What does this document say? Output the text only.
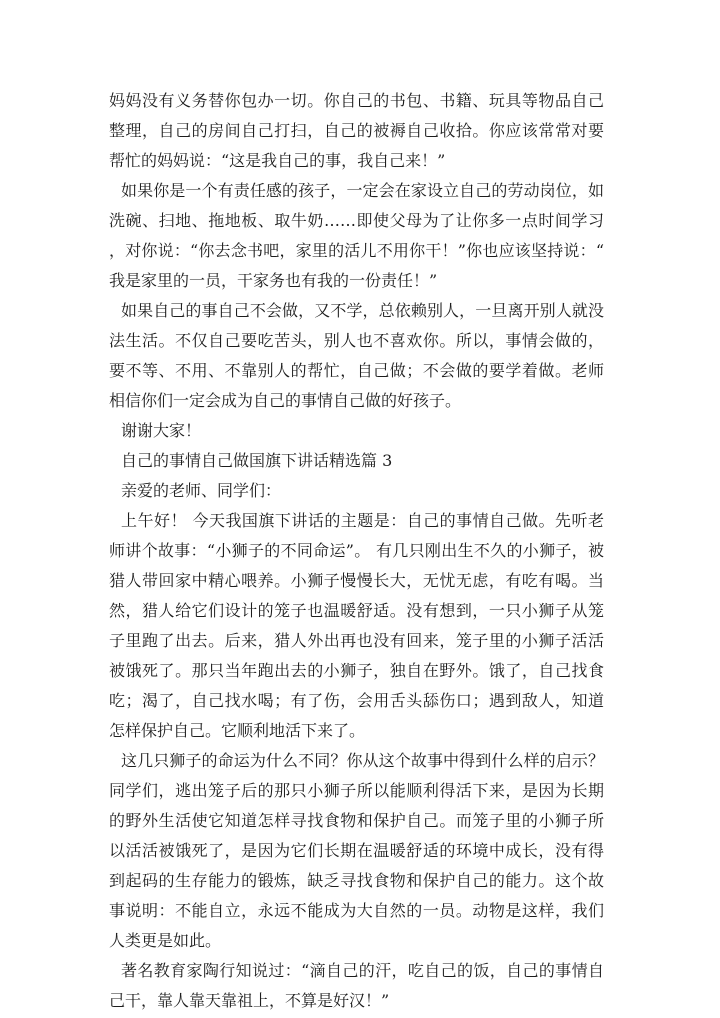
妈妈没有义务替你包办一切。你自己的书包、书籍、玩具等物品自己整理，自己的房间自己打扫，自己的被褥自己收拾。你应该常常对要帮忙的妈妈说：“这是我自己的事，我自己来！”

如果你是一个有责任感的孩子，一定会在家设立自己的劳动岗位，如洗碗、扫地、拖地板、取牛奶……即使父母为了让你多一点时间学习，对你说：“你去念书吧，家里的活儿不用你干！”你也应该坚持说：“我是家里的一员，干家务也有我的一份责任！”

如果自己的事自己不会做，又不学，总依赖别人，一旦离开别人就没法生活。不仅自己要吃苦头，别人也不喜欢你。所以，事情会做的，要不等、不用、不靠别人的帮忙，自己做；不会做的要学着做。老师相信你们一定会成为自己的事情自己做的好孩子。

谢谢大家！

自己的事情自己做国旗下讲话精选篇 3

亲爱的老师、同学们：

上午好！ 今天我国旗下讲话的主题是：自己的事情自己做。先听老师讲个故事：“小狮子的不同命运”。 有几只刚出生不久的小狮子，被猎人带回家中精心喂养。小狮子慢慢长大，无忧无虑，有吃有喝。当然，猎人给它们设计的笼子也温暖舒适。没有想到，一只小狮子从笼子里跑了出去。后来，猎人外出再也没有回来，笼子里的小狮子活活被饿死了。那只当年跑出去的小狮子，独自在野外。饿了，自己找食吃；渴了，自己找水喝；有了伤，会用舌头舔伤口；遇到敌人，知道怎样保护自己。它顺利地活下来了。

这几只狮子的命运为什么不同？你从这个故事中得到什么样的启示？ 同学们，逃出笼子后的那只小狮子所以能顺利得活下来，是因为长期的野外生活使它知道怎样寻找食物和保护自己。而笼子里的小狮子所以活活被饿死了，是因为它们长期在温暖舒适的环境中成长，没有得到起码的生存能力的锻炼，缺乏寻找食物和保护自己的能力。这个故事说明：不能自立，永远不能成为大自然的一员。动物是这样，我们人类更是如此。

著名教育家陶行知说过：“滴自己的汗，吃自己的饭，自己的事情自己干，靠人靠天靠祖上，不算是好汉！”
